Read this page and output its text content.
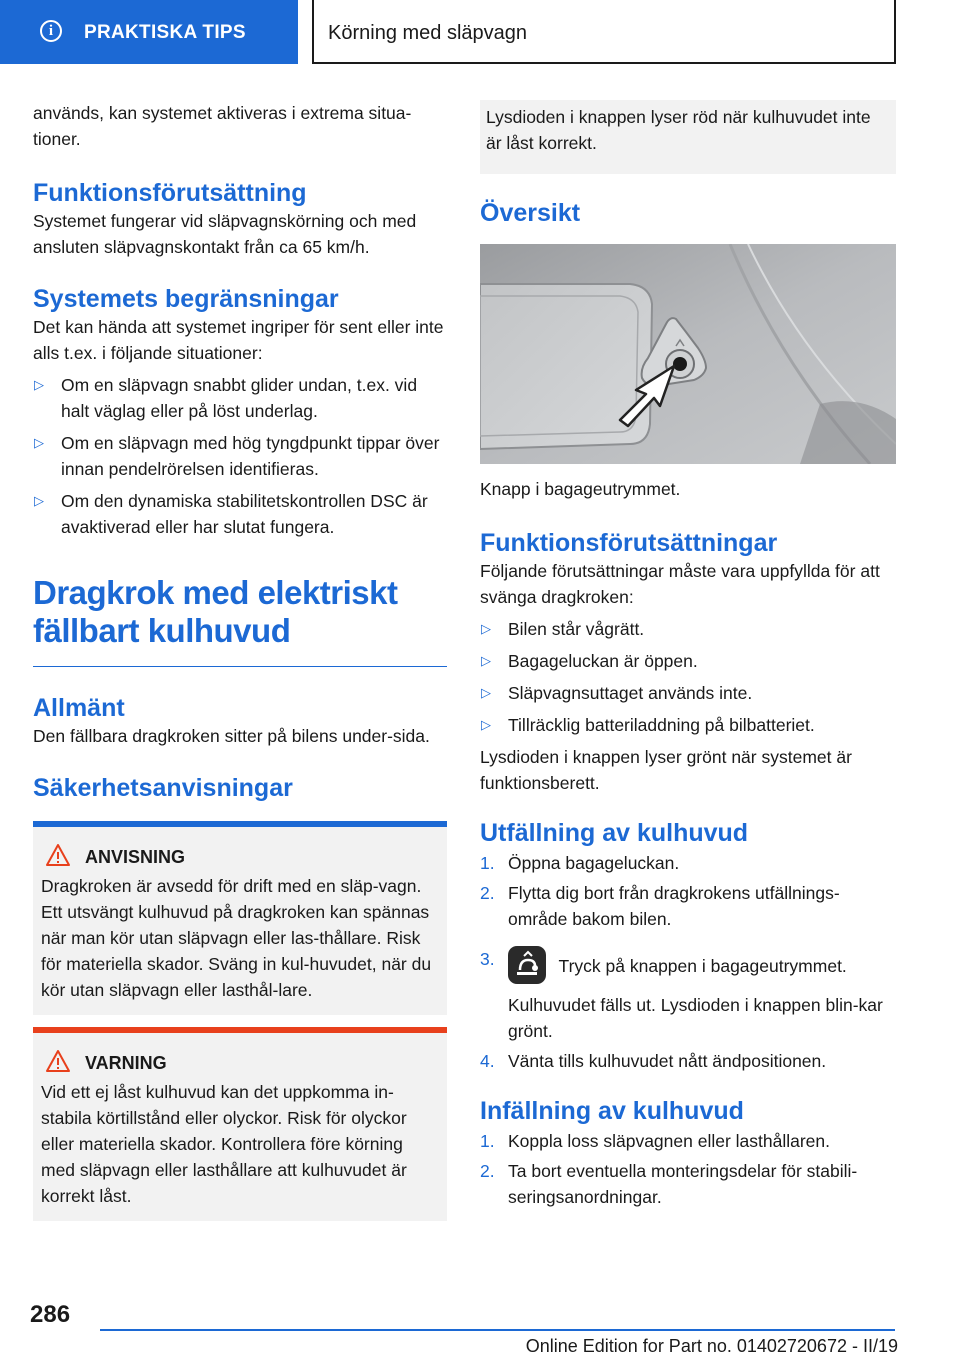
i	PRAKTISKA TIPS	Körning med släpvagn

används, kan systemet aktiveras i extrema situa-tioner.

Funktionsförutsättning

Systemet fungerar vid släpvagnskörning och med ansluten släpvagnskontakt från ca 65 km/h.

Systemets begränsningar

Det kan hända att systemet ingriper för sent eller inte alls t.ex. i följande situationer:

▷ Om en släpvagn snabbt glider undan, t.ex. vid halt väglag eller på löst underlag.
▷ Om en släpvagn med hög tyngdpunkt tippar över innan pendelrörelsen identifieras.
▷ Om den dynamiska stabilitetskontrollen DSC är avaktiverad eller har slutat fungera.
Dragkrok med elektriskt fällbart kulhuvud
Allmänt

Den fällbara dragkroken sitter på bilens under-sida.

Säkerhetsanvisningar
ANVISNING

Dragkroken är avsedd för drift med en släp-vagn. Ett utsvängt kulhuvud på dragkroken kan spännas när man kör utan släpvagn eller las-thållare. Risk för materiella skador. Sväng in kul-huvudet, när du kör utan släpvagn eller lasthål-lare.

VARNING

Vid ett ej låst kulhuvud kan det uppkomma in-stabila körtillstånd eller olyckor. Risk för olyckor eller materiella skador. Kontrollera före körning med släpvagn eller lasthållare att kulhuvudet är korrekt låst.

Lysdioden i knappen lyser röd när kulhuvudet inte är låst korrekt.

Översikt

Knapp i bagageutrymmet.

Funktionsförutsättningar

Följande förutsättningar måste vara uppfyllda för att svänga dragkroken:

▷ Bilen står vågrätt.
▷ Bagageluckan är öppen.
▷ Släpvagnsuttaget används inte.
▷ Tillräcklig batteriladdning på bilbatteriet.

Lysdioden i knappen lyser grönt när systemet är funktionsberett.

Utfällning av kulhuvud
1. Öppna bagageluckan.
2. Flytta dig bort från dragkrokens utfällnings-område bakom bilen.
3.	Tryck på knappen i bagageutrymmet.

Kulhuvudet fälls ut. Lysdioden i knappen blin-kar grönt.

4. Vänta tills kulhuvudet nått ändpositionen.
Infällning av kulhuvud
1. Koppla loss släpvagnen eller lasthållaren.
2. Ta bort eventuella monteringsdelar för stabili-seringsanordningar.
286
Online Edition for Part no. 01402720672 - II/19
